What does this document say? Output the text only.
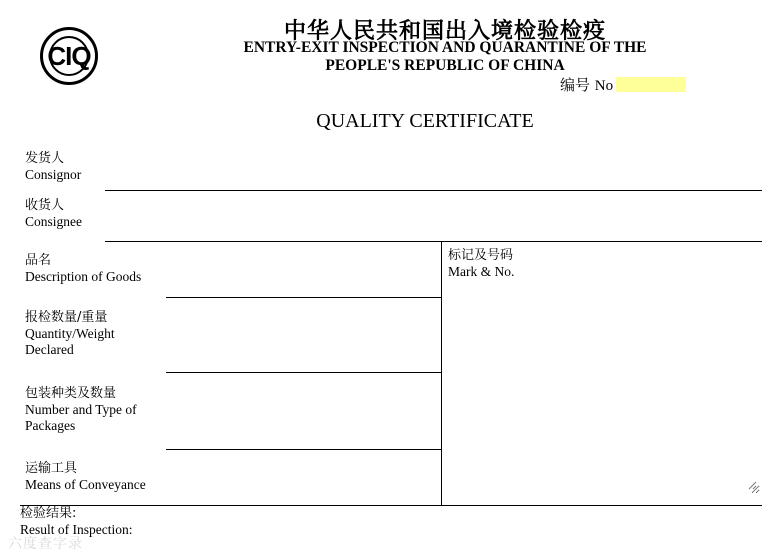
CIQ
中华人民共和国出入境检验检疫
ENTRY-EXIT INSPECTION AND QUARANTINE OF THE
PEOPLE'S REPUBLIC OF CHINA
编号 No
QUALITY CERTIFICATE
发货人
Consignor
收货人
Consignee
品名
Description of Goods
报检数量/重量
Quantity/Weight
Declared
包装种类及数量
Number and Type of
Packages
运输工具
Means of Conveyance
标记及号码
Mark & No.
检验结果:
Result of Inspection:
六度查字录
